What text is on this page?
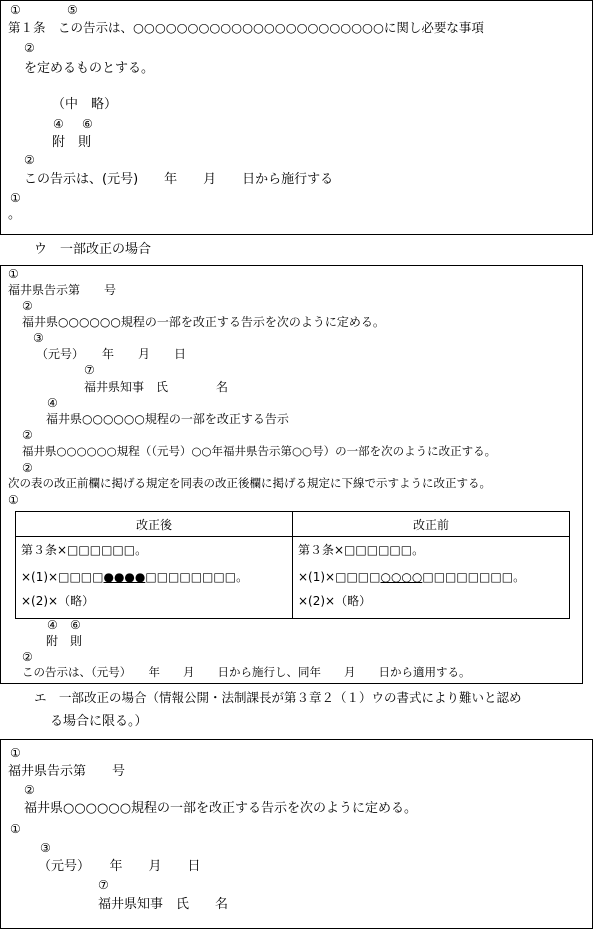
①	⑤
第１条　この告示は、○○○○○○○○○○○○○○○○○○○○○○○に関し必要な事項
②
を定めるものとする。
（中　略）
④ ⑥
附　則
②
この告示は、(元号)　　年　　月　　日から施行する
①
。
ウ　一部改正の場合
①
福井県告示第　　号
②
福井県○○○○○○規程の一部を改正する告示を次のように定める。
③
（元号）　　年　　月　　日
⑦
福井県知事　氏　　　　名
④
福井県○○○○○○規程の一部を改正する告示
②
福井県○○○○○○規程（（元号）○○年福井県告示第○○号）の一部を次のように改正する。
②
次の表の改正前欄に掲げる規定を同表の改正後欄に掲げる規定に下線で示すように改正する。
①
改正後	改正前
第３条×□□□□□□。	第３条×□□□□□□。
×(1)×□□□□●●●●□□□□□□□□。	×(1)×□□□□○○○○□□□□□□□□。
×(2)×（略）	×(2)×（略）
④ ⑥
附　則
②
この告示は、（元号）　　年　　月　　日から施行し、同年　　月　　日から適用する。
エ　一部改正の場合（情報公開・法制課長が第３章２（１）ウの書式により難いと認め
る場合に限る。）
①
福井県告示第　　号
②
福井県○○○○○○規程の一部を改正する告示を次のように定める。
①
③
（元号）　　年　　月　　日
⑦
福井県知事　氏　　名
